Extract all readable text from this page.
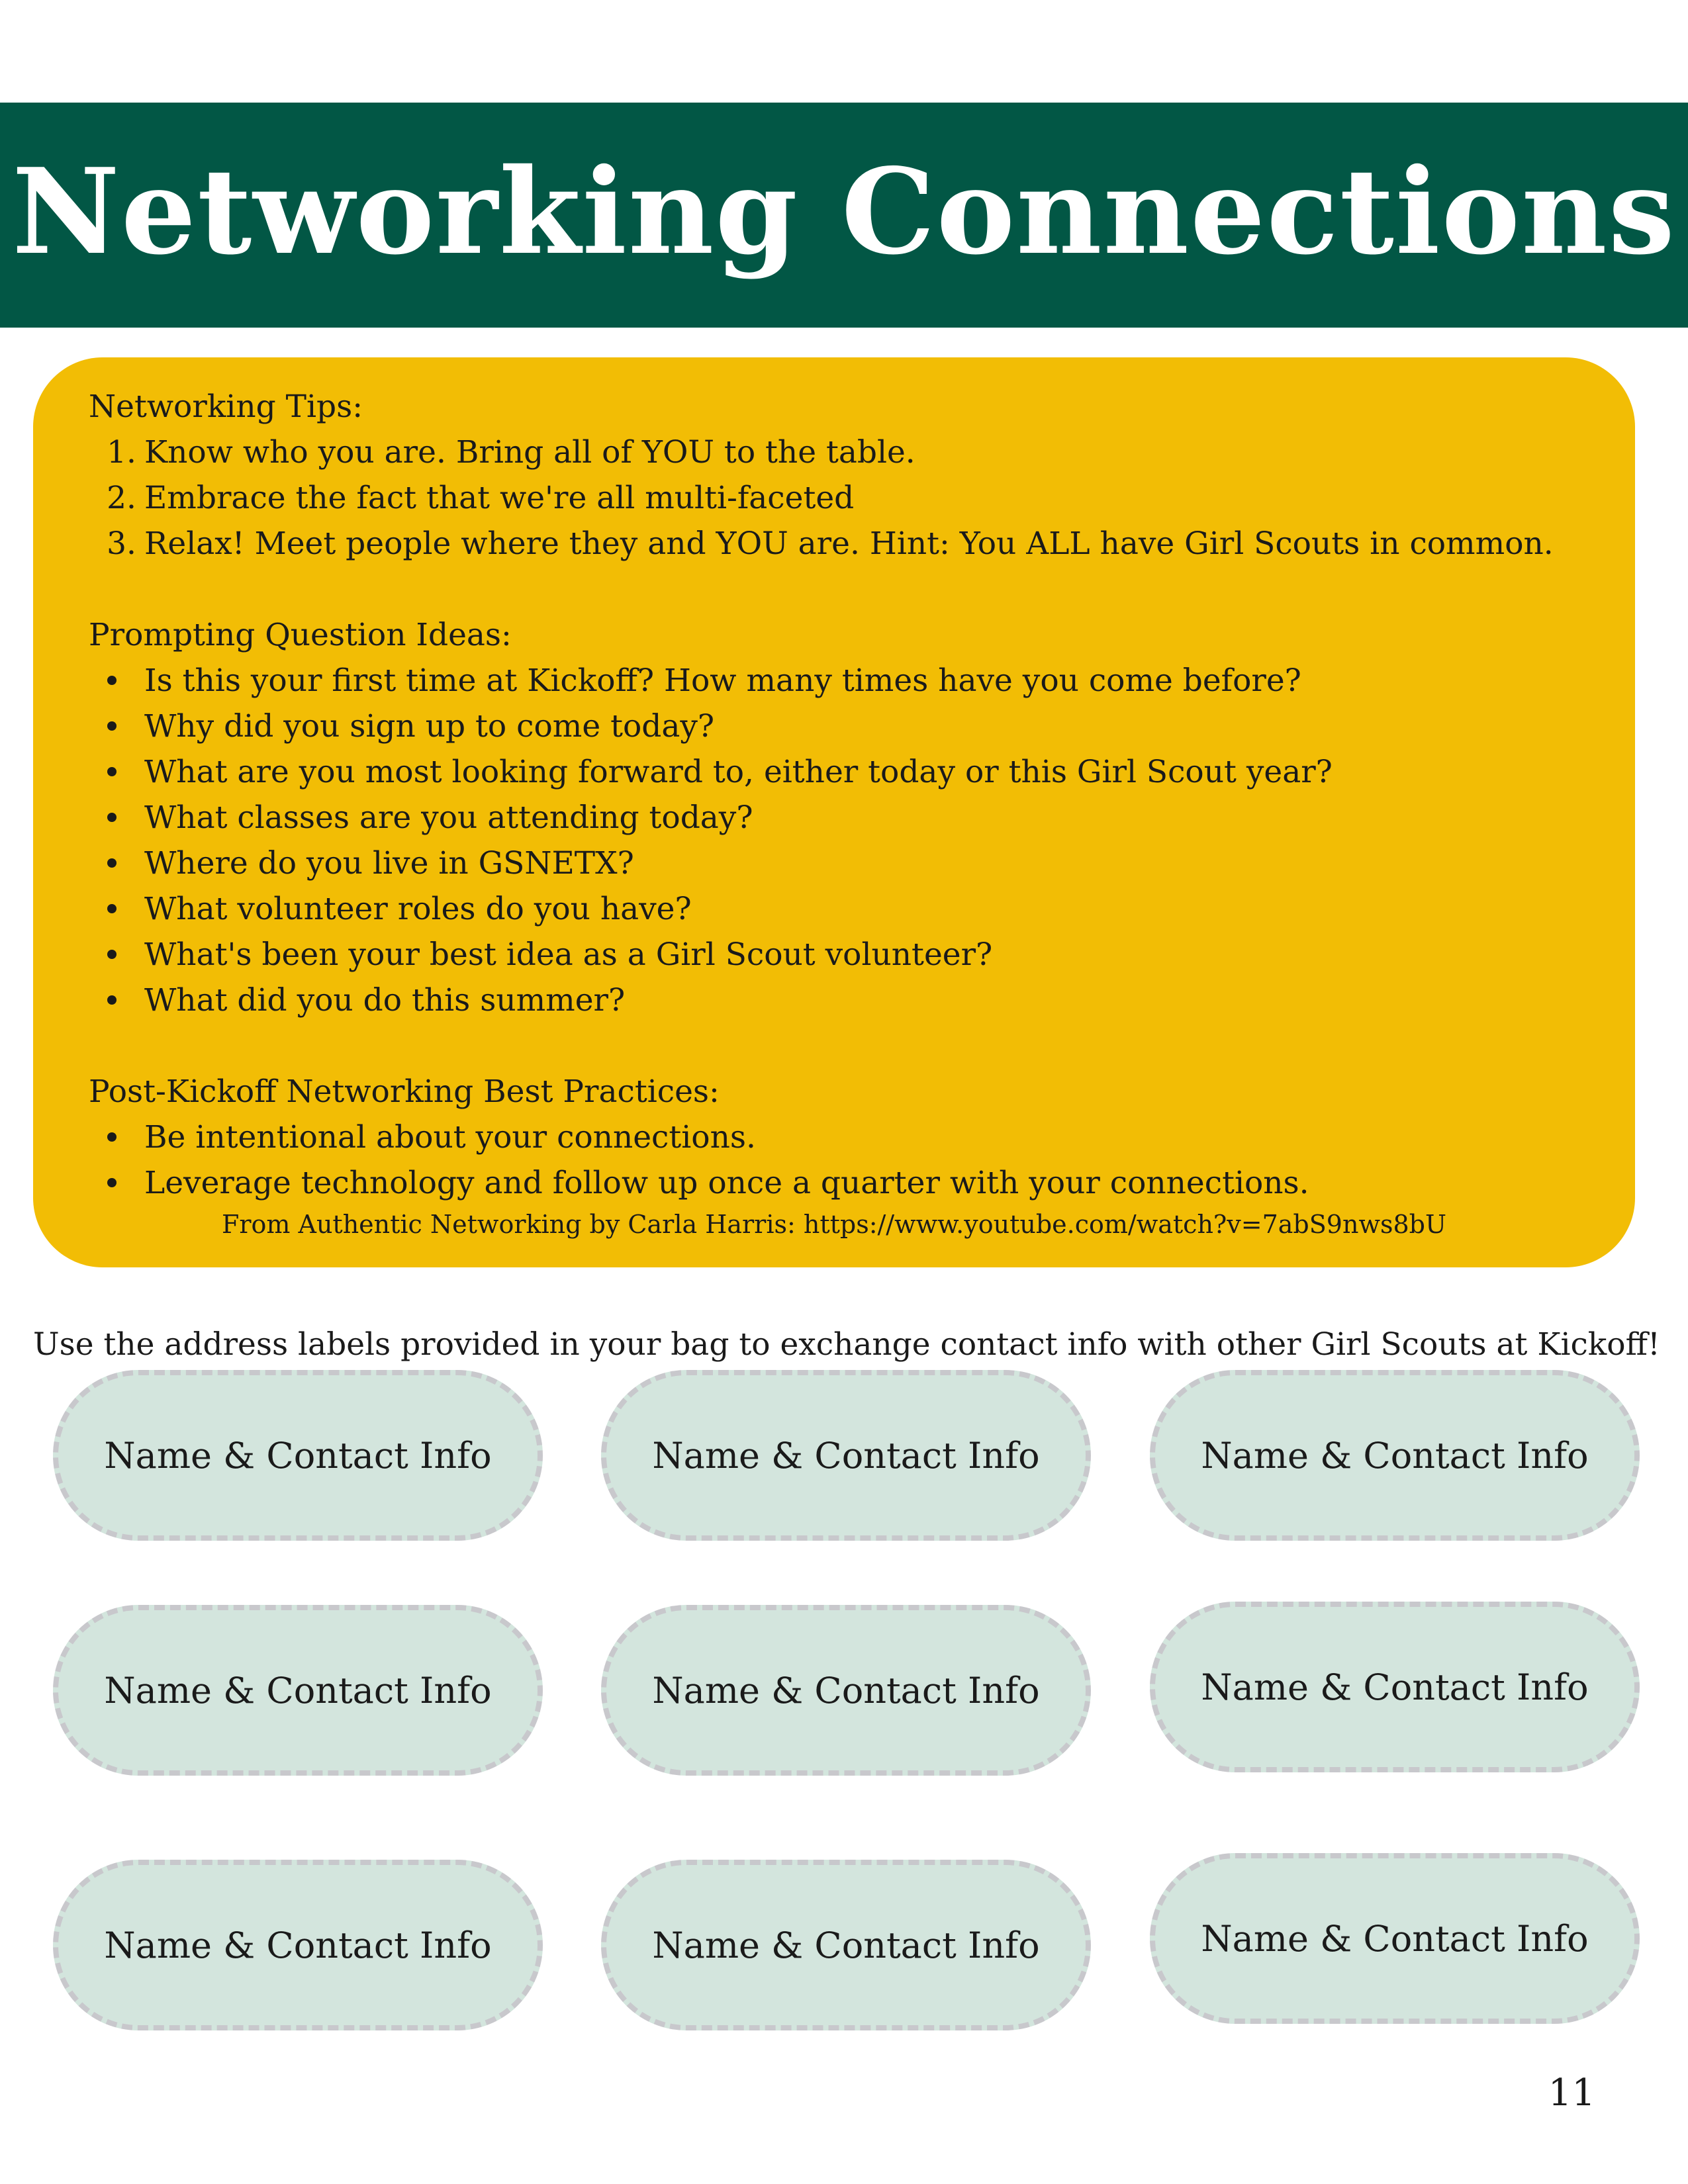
Networking Connections
Networking Tips:
1. Know who you are. Bring all of YOU to the table.
2. Embrace the fact that we're all multi-faceted
3. Relax! Meet people where they and YOU are. Hint: You ALL have Girl Scouts in common.
Prompting Question Ideas:
Is this your first time at Kickoff? How many times have you come before?
Why did you sign up to come today?
What are you most looking forward to, either today or this Girl Scout year?
What classes are you attending today?
Where do you live in GSNETX?
What volunteer roles do you have?
What's been your best idea as a Girl Scout volunteer?
What did you do this summer?
Post-Kickoff Networking Best Practices:
Be intentional about your connections.
Leverage technology and follow up once a quarter with your connections.
From Authentic Networking by Carla Harris: https://www.youtube.com/watch?v=7abS9nws8bU

Use the address labels provided in your bag to exchange contact info with other Girl Scouts at Kickoff!

Name & Contact Info	Name & Contact Info	Name & Contact Info
Name & Contact Info	Name & Contact Info	Name & Contact Info
Name & Contact Info	Name & Contact Info	Name & Contact Info
11
